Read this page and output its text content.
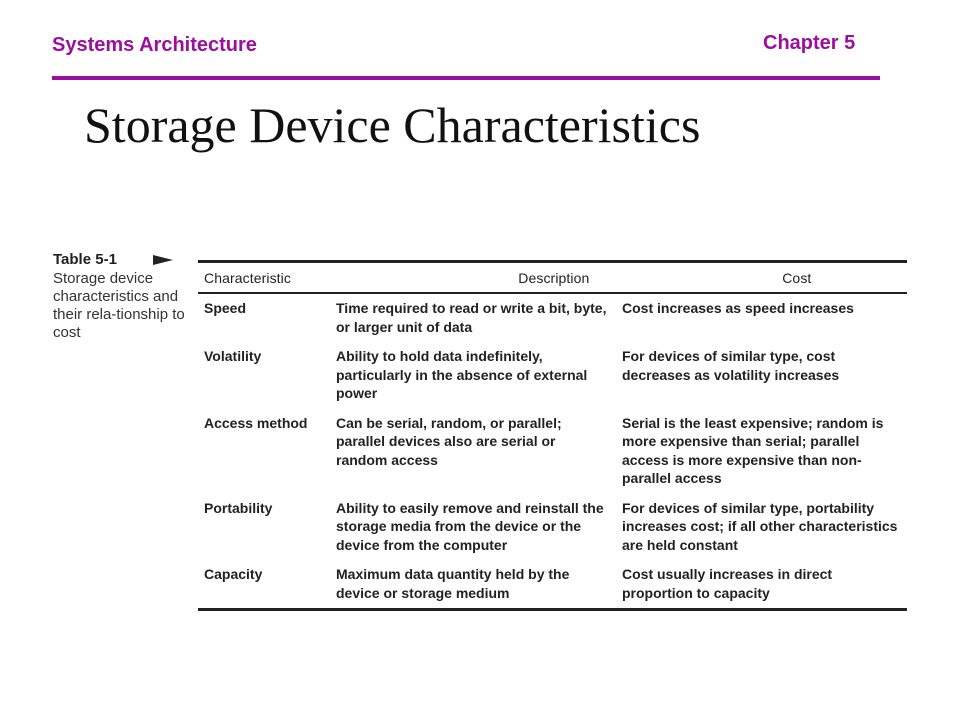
Systems Architecture	Chapter 5
Storage Device Characteristics
Table 5-1
Storage device characteristics and their rela-tionship to cost
Characteristic	Description	Cost
Speed	Time required to read or write a bit, byte, or larger unit of data	Cost increases as speed increases
Volatility	Ability to hold data indefinitely, particularly in the absence of external power	For devices of similar type, cost decreases as volatility increases
Access method	Can be serial, random, or parallel; parallel devices also are serial or random access	Serial is the least expensive; random is more expensive than serial; parallel access is more expensive than non-parallel access
Portability	Ability to easily remove and reinstall the storage media from the device or the device from the computer	For devices of similar type, portability increases cost; if all other characteristics are held constant
Capacity	Maximum data quantity held by the device or storage medium	Cost usually increases in direct proportion to capacity
